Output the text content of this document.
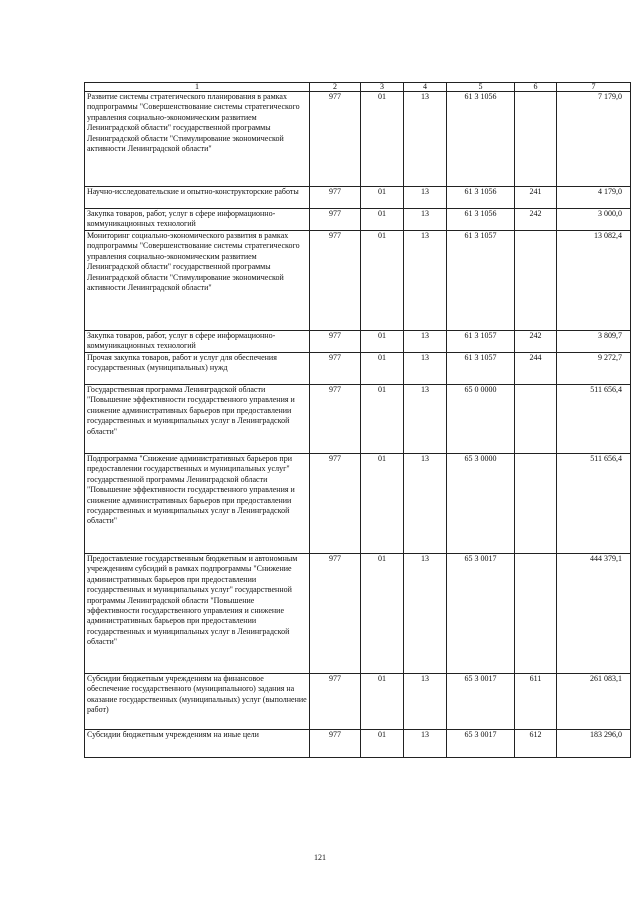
1	2	3	4	5	6	7
Развитие системы стратегического планирования в рамках подпрограммы "Совершенствование системы стратегического управления социально-экономическим развитием Ленинградской области" государственной программы Ленинградской области "Стимулирование экономической активности Ленинградской области"	977	01	13	61 3 1056		7 179,0
Научно-исследовательские и опытно-конструкторские работы	977	01	13	61 3 1056	241	4 179,0
Закупка товаров, работ, услуг в сфере информационно-коммуникационных технологий	977	01	13	61 3 1056	242	3 000,0
Мониторинг социально-экономического развития в рамках подпрограммы "Совершенствование системы стратегического управления социально-экономическим развитием Ленинградской области" государственной программы Ленинградской области "Стимулирование экономической активности Ленинградской области"	977	01	13	61 3 1057		13 082,4
Закупка товаров, работ, услуг в сфере информационно-коммуникационных технологий	977	01	13	61 3 1057	242	3 809,7
Прочая закупка товаров, работ и услуг для обеспечения государственных (муниципальных) нужд	977	01	13	61 3 1057	244	9 272,7
Государственная программа Ленинградской области "Повышение эффективности государственного управления и снижение административных барьеров при предоставлении государственных и муниципальных услуг в Ленинградской области"	977	01	13	65 0 0000		511 656,4
Подпрограмма "Снижение административных барьеров при предоставлении государственных и муниципальных услуг" государственной программы Ленинградской области "Повышение эффективности государственного управления и снижение административных барьеров при предоставлении государственных и муниципальных услуг в Ленинградской области"	977	01	13	65 3 0000		511 656,4
Предоставление государственным бюджетным и автономным учреждениям субсидий в рамках подпрограммы "Снижение административных барьеров при предоставлении государственных и муниципальных услуг" государственной программы Ленинградской области "Повышение эффективности государственного управления и снижение административных барьеров при предоставлении государственных и муниципальных услуг в Ленинградской области"	977	01	13	65 3 0017		444 379,1
Субсидии бюджетным учреждениям на финансовое обеспечение государственного (муниципального) задания на оказание государственных (муниципальных) услуг (выполнение работ)	977	01	13	65 3 0017	611	261 083,1
Субсидии бюджетным учреждениям на иные цели	977	01	13	65 3 0017	612	183 296,0
121
